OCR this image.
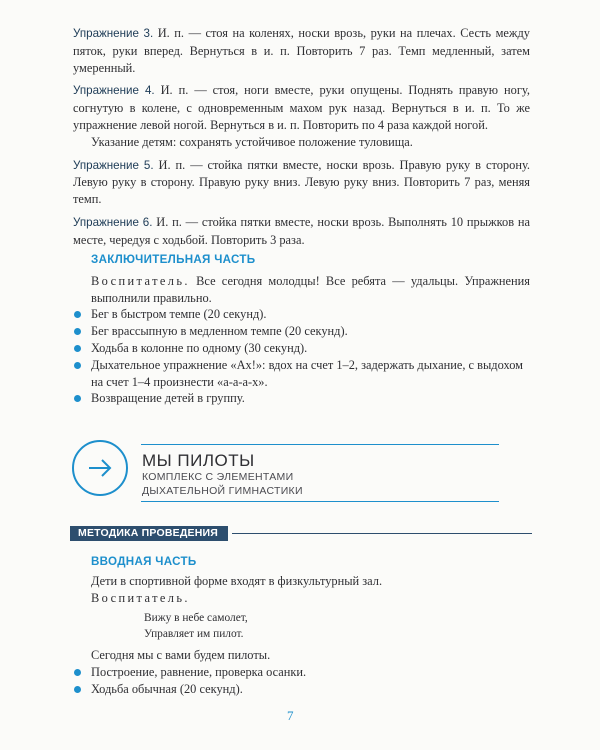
Упражнение 3. И. п. — стоя на коленях, носки врозь, руки на плечах. Сесть между пяток, руки вперед. Вернуться в и. п. Повторить 7 раз. Темп медленный, затем умеренный.

Упражнение 4. И. п. — стоя, ноги вместе, руки опущены. Поднять правую ногу, согнутую в колене, с одновременным махом рук назад. Вернуться в и. п. То же упражнение левой ногой. Вернуться в и. п. Повторить по 4 раза каждой ногой.

Указание детям: сохранять устойчивое положение туловища.

Упражнение 5. И. п. — стойка пятки вместе, носки врозь. Правую руку в сторону. Левую руку в сторону. Правую руку вниз. Левую руку вниз. Повторить 7 раз, меняя темп.

Упражнение 6. И. п. — стойка пятки вместе, носки врозь. Выполнять 10 прыжков на месте, чередуя с ходьбой. Повторить 3 раза.

ЗАКЛЮЧИТЕЛЬНАЯ ЧАСТЬ
Воспитатель. Все сегодня молодцы! Все ребята — удальцы. Упражнения выполнили правильно.
Бег в быстром темпе (20 секунд).
Бег врассыпную в медленном темпе (20 секунд).
Ходьба в колонне по одному (30 секунд).
Дыхательное упражнение «Ах!»: вдох на счет 1–2, задержать дыхание, с выдохом на счет 1–4 произнести «а-а-а-х».
Возвращение детей в группу.
МЫ ПИЛОТЫ
КОМПЛЕКС С ЭЛЕМЕНТАМИ
ДЫХАТЕЛЬНОЙ ГИМНАСТИКИ
МЕТОДИКА ПРОВЕДЕНИЯ
ВВОДНАЯ ЧАСТЬ
Дети в спортивной форме входят в физкультурный зал.
Воспитатель.
Вижу в небе самолет,
Управляет им пилот.
Сегодня мы с вами будем пилоты.
Построение, равнение, проверка осанки.
Ходьба обычная (20 секунд).
7
